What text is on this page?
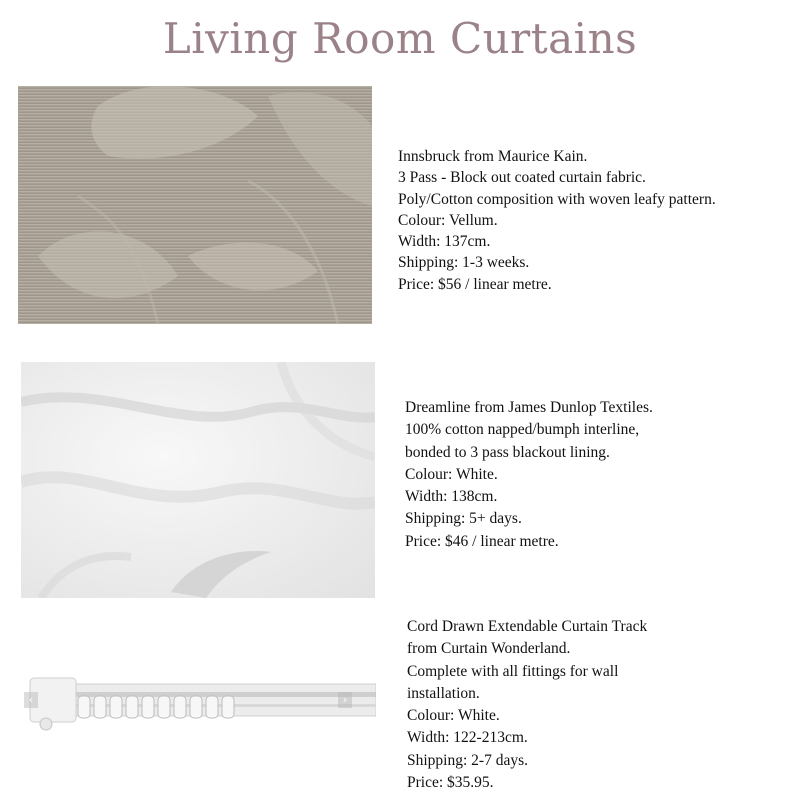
Living Room Curtains
Innsbruck from Maurice Kain.
3 Pass - Block out coated curtain fabric.
Poly/Cotton composition with woven leafy pattern.
Colour: Vellum.
Width: 137cm.
Shipping: 1-3 weeks.
Price: $56 / linear metre.
Dreamline from James Dunlop Textiles.
100% cotton napped/bumph interline,
bonded to 3 pass blackout lining.
Colour: White.
Width: 138cm.
Shipping: 5+ days.
Price: $46 / linear metre.
‹	›
Cord Drawn Extendable Curtain Track
from Curtain Wonderland.
Complete with all fittings for wall
installation.
Colour: White.
Width: 122-213cm.
Shipping: 2-7 days.
Price: $35.95.
